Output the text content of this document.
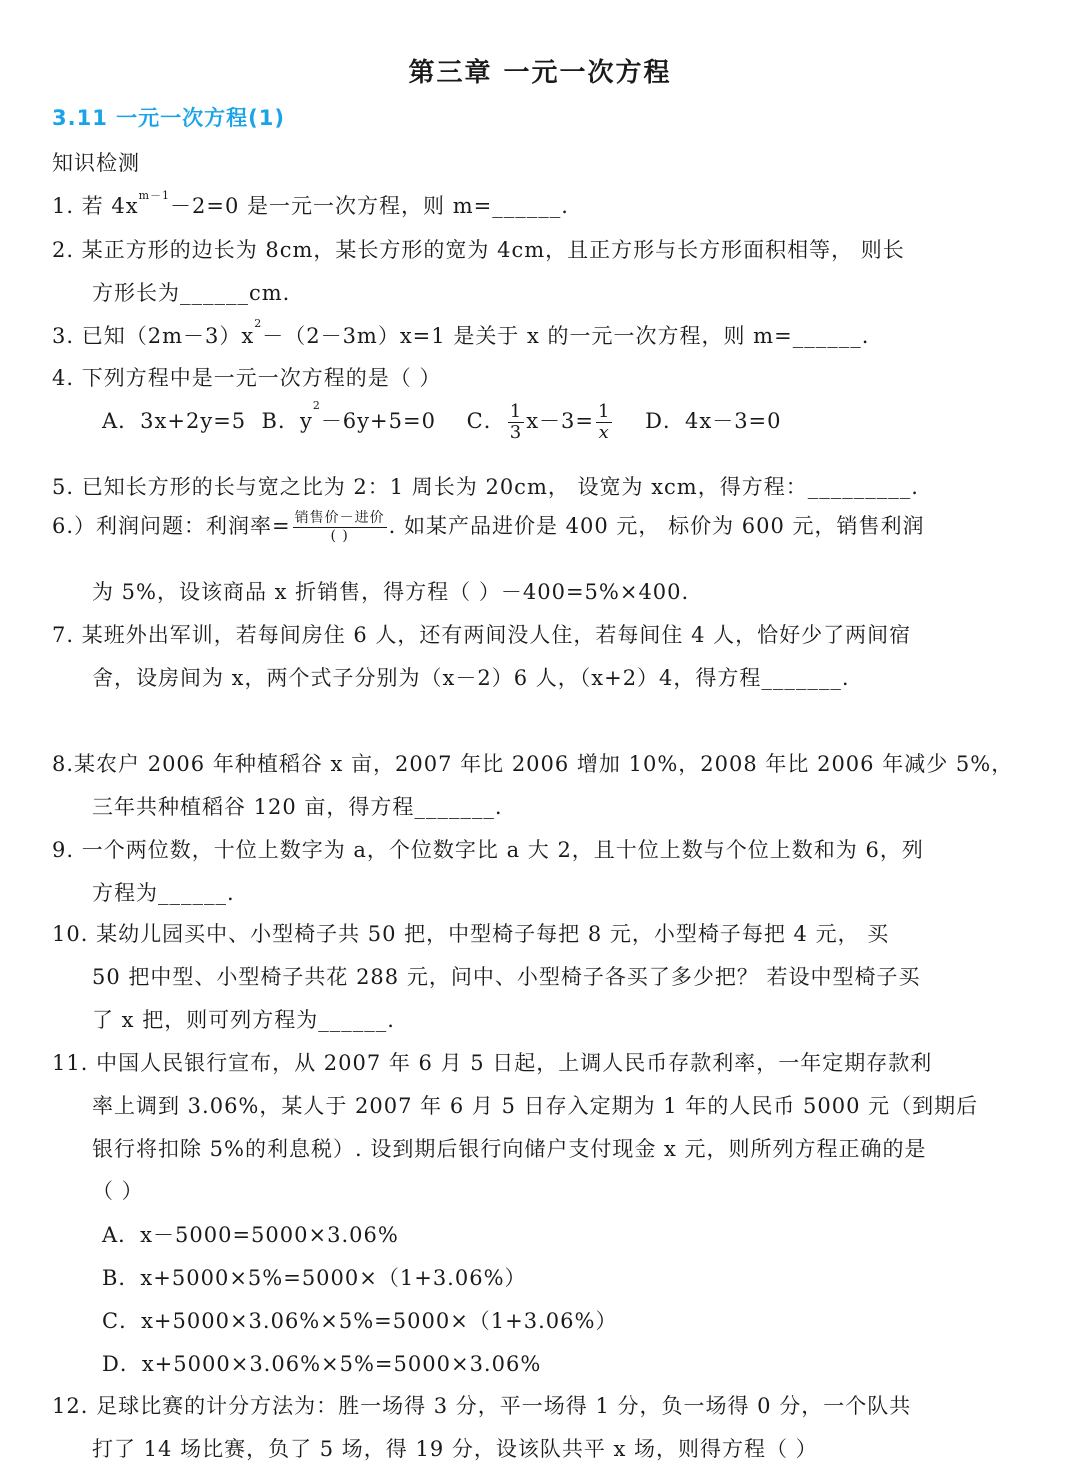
第三章 一元一次方程
3.11 一元一次方程(1)
知识检测
1. 若 $4x^{m-1}-2=0$ 是一元一次方程，则 m=______.
2. 某正方形的边长为 8cm，某长方形的宽为 4cm，且正方形与长方形面积相等， 则长
方形长为______cm.
3. 已知$(2m-3)x^2-(2-3m)x=1$ 是关于 x 的一元一次方程，则 m=______.
4. 下列方程中是一元一次方程的是（ ）
A．3x+2y=5 B．$y^2-6y+5=0$ C． $\frac{1}{3} x-3= \frac{1}{x}$ D．4x－3=0
5. 已知长方形的长与宽之比为 2：1 周长为 20cm， 设宽为 xcm，得方程：_________.
6.）利润问题：利润率= $\frac{\text{销售价－进价}}{( )}$ . 如某产品进价是 400 元， 标价为 600 元，销售利润
为 5%，设该商品 x 折销售，得方程（ ）－400=5%×400.
7. 某班外出军训，若每间房住 6 人，还有两间没人住，若每间住 4 人，恰好少了两间宿
舍，设房间为 x，两个式子分别为（x－2）6 人，（x+2）4，得方程_______.
8.某农户 2006 年种植稻谷 x 亩，2007 年比 2006 增加 10%，2008 年比 2006 年减少 5%，
三年共种植稻谷 120 亩，得方程_______.
9. 一个两位数，十位上数字为 a，个位数字比 a 大 2，且十位上数与个位上数和为 6，列
方程为______.
10. 某幼儿园买中、小型椅子共 50 把，中型椅子每把 8 元，小型椅子每把 4 元， 买
50 把中型、小型椅子共花 288 元，问中、小型椅子各买了多少把？ 若设中型椅子买
了 x 把，则可列方程为______.
11. 中国人民银行宣布，从 2007 年 6 月 5 日起，上调人民币存款利率，一年定期存款利
率上调到 3.06%，某人于 2007 年 6 月 5 日存入定期为 1 年的人民币 5000 元（到期后
银行将扣除 5%的利息税）. 设到期后银行向储户支付现金 x 元，则所列方程正确的是
（ ）
A．x－5000=5000×3.06%
B．x+5000×5%=5000×（1+3.06%）
C．x+5000×3.06%×5%=5000×（1+3.06%）
D．x+5000×3.06%×5%=5000×3.06%
12. 足球比赛的计分方法为：胜一场得 3 分，平一场得 1 分，负一场得 0 分，一个队共
打了 14 场比赛，负了 5 场，得 19 分，设该队共平 x 场，则得方程（ ）
